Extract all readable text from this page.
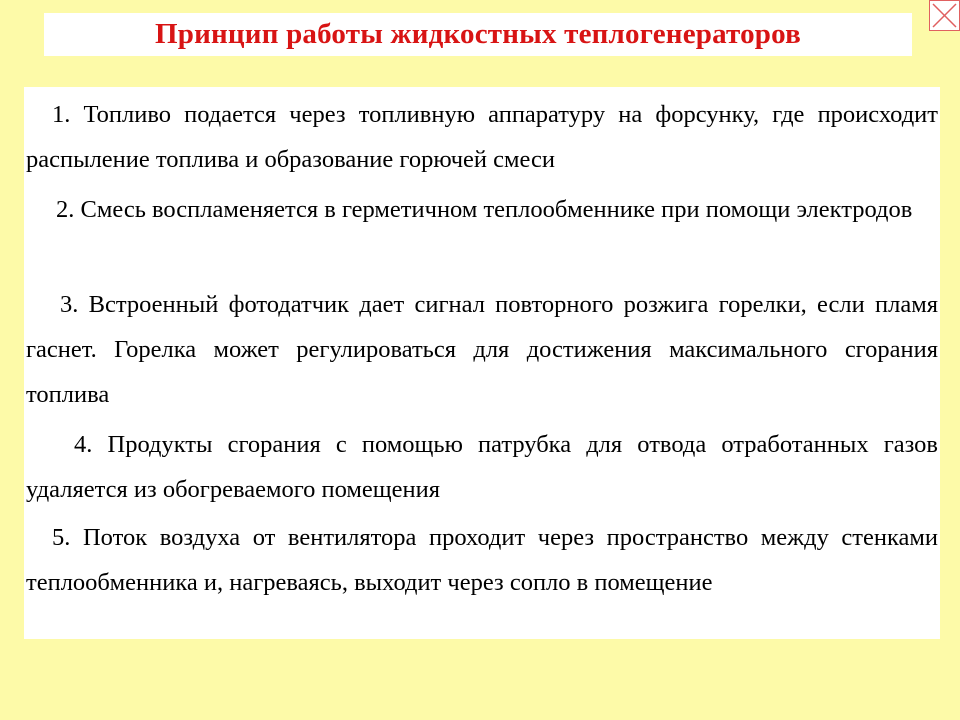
Принцип работы жидкостных теплогенераторов

1. Топливо подается через топливную аппаратуру на форсунку, где происходит распыление топлива и образование горючей смеси

2. Смесь воспламеняется в герметичном теплообменнике при помощи электродов

3. Встроенный фотодатчик дает сигнал повторного розжига горелки, если пламя гаснет. Горелка может регулироваться для достижения максимального сгорания топлива

4. Продукты сгорания с помощью патрубка для отвода отработанных газов удаляется из обогреваемого помещения

5. Поток воздуха от вентилятора проходит через пространство между стенками теплообменника и, нагреваясь, выходит через сопло в помещение
